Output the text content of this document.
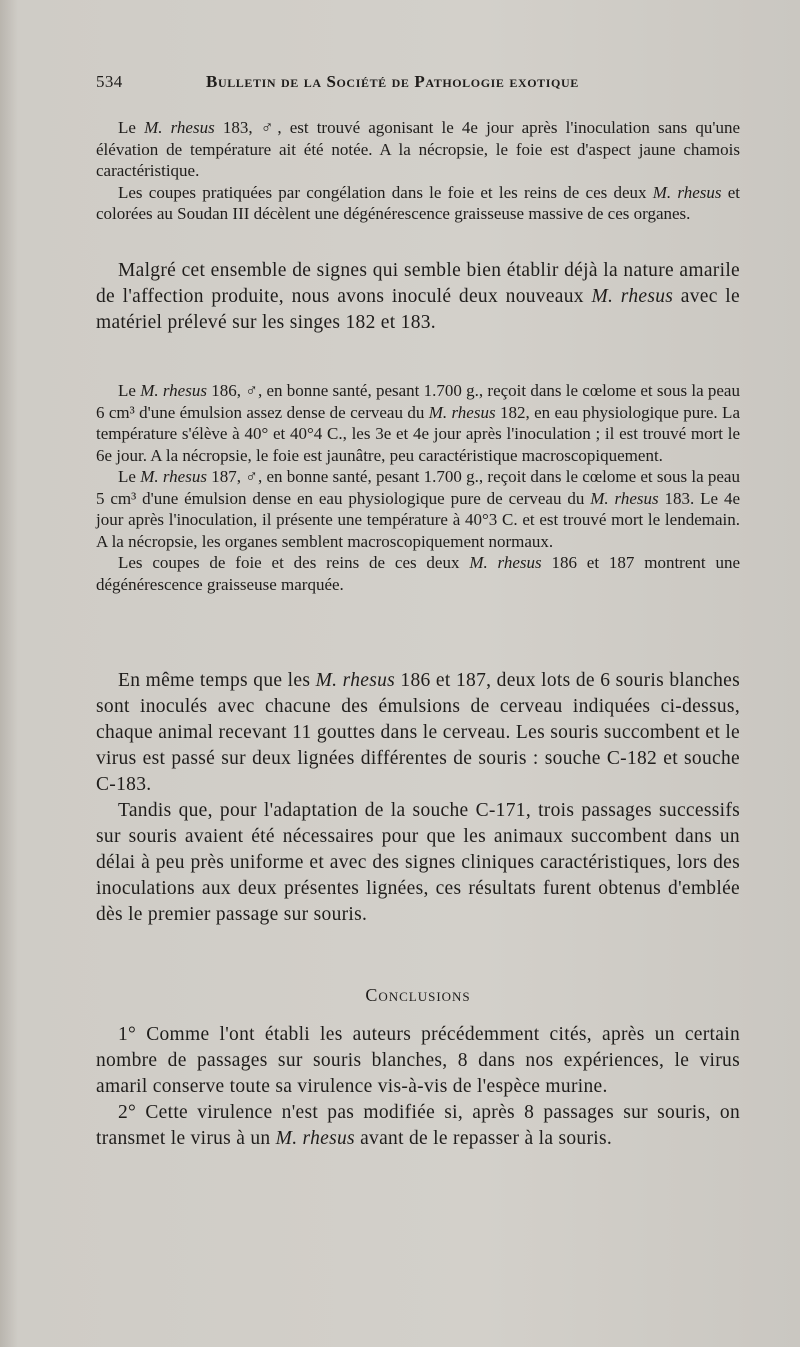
534	Bulletin de la Société de Pathologie exotique

Le M. rhesus 183, ♂, est trouvé agonisant le 4e jour après l'inoculation sans qu'une élévation de température ait été notée. A la nécropsie, le foie est d'aspect jaune chamois caractéristique.

Les coupes pratiquées par congélation dans le foie et les reins de ces deux M. rhesus et colorées au Soudan III décèlent une dégénérescence graisseuse massive de ces organes.

Malgré cet ensemble de signes qui semble bien établir déjà la nature amarile de l'affection produite, nous avons inoculé deux nouveaux M. rhesus avec le matériel prélevé sur les singes 182 et 183.

Le M. rhesus 186, ♂, en bonne santé, pesant 1.700 g., reçoit dans le cœlome et sous la peau 6 cm³ d'une émulsion assez dense de cerveau du M. rhesus 182, en eau physiologique pure. La température s'élève à 40° et 40°4 C., les 3e et 4e jour après l'inoculation ; il est trouvé mort le 6e jour. A la nécropsie, le foie est jaunâtre, peu caractéristique macroscopiquement.

Le M. rhesus 187, ♂, en bonne santé, pesant 1.700 g., reçoit dans le cœlome et sous la peau 5 cm³ d'une émulsion dense en eau physiologique pure de cerveau du M. rhesus 183. Le 4e jour après l'inoculation, il présente une température à 40°3 C. et est trouvé mort le lendemain. A la nécropsie, les organes semblent macroscopiquement normaux.

Les coupes de foie et des reins de ces deux M. rhesus 186 et 187 montrent une dégénérescence graisseuse marquée.

En même temps que les M. rhesus 186 et 187, deux lots de 6 souris blanches sont inoculés avec chacune des émulsions de cerveau indiquées ci-dessus, chaque animal recevant 11 gouttes dans le cerveau. Les souris succombent et le virus est passé sur deux lignées différentes de souris : souche C-182 et souche C-183.

Tandis que, pour l'adaptation de la souche C-171, trois passages successifs sur souris avaient été nécessaires pour que les animaux succombent dans un délai à peu près uniforme et avec des signes cliniques caractéristiques, lors des inoculations aux deux présentes lignées, ces résultats furent obtenus d'emblée dès le premier passage sur souris.

Conclusions

1° Comme l'ont établi les auteurs précédemment cités, après un certain nombre de passages sur souris blanches, 8 dans nos expériences, le virus amaril conserve toute sa virulence vis-à-vis de l'espèce murine.

2° Cette virulence n'est pas modifiée si, après 8 passages sur souris, on transmet le virus à un M. rhesus avant de le repasser à la souris.
